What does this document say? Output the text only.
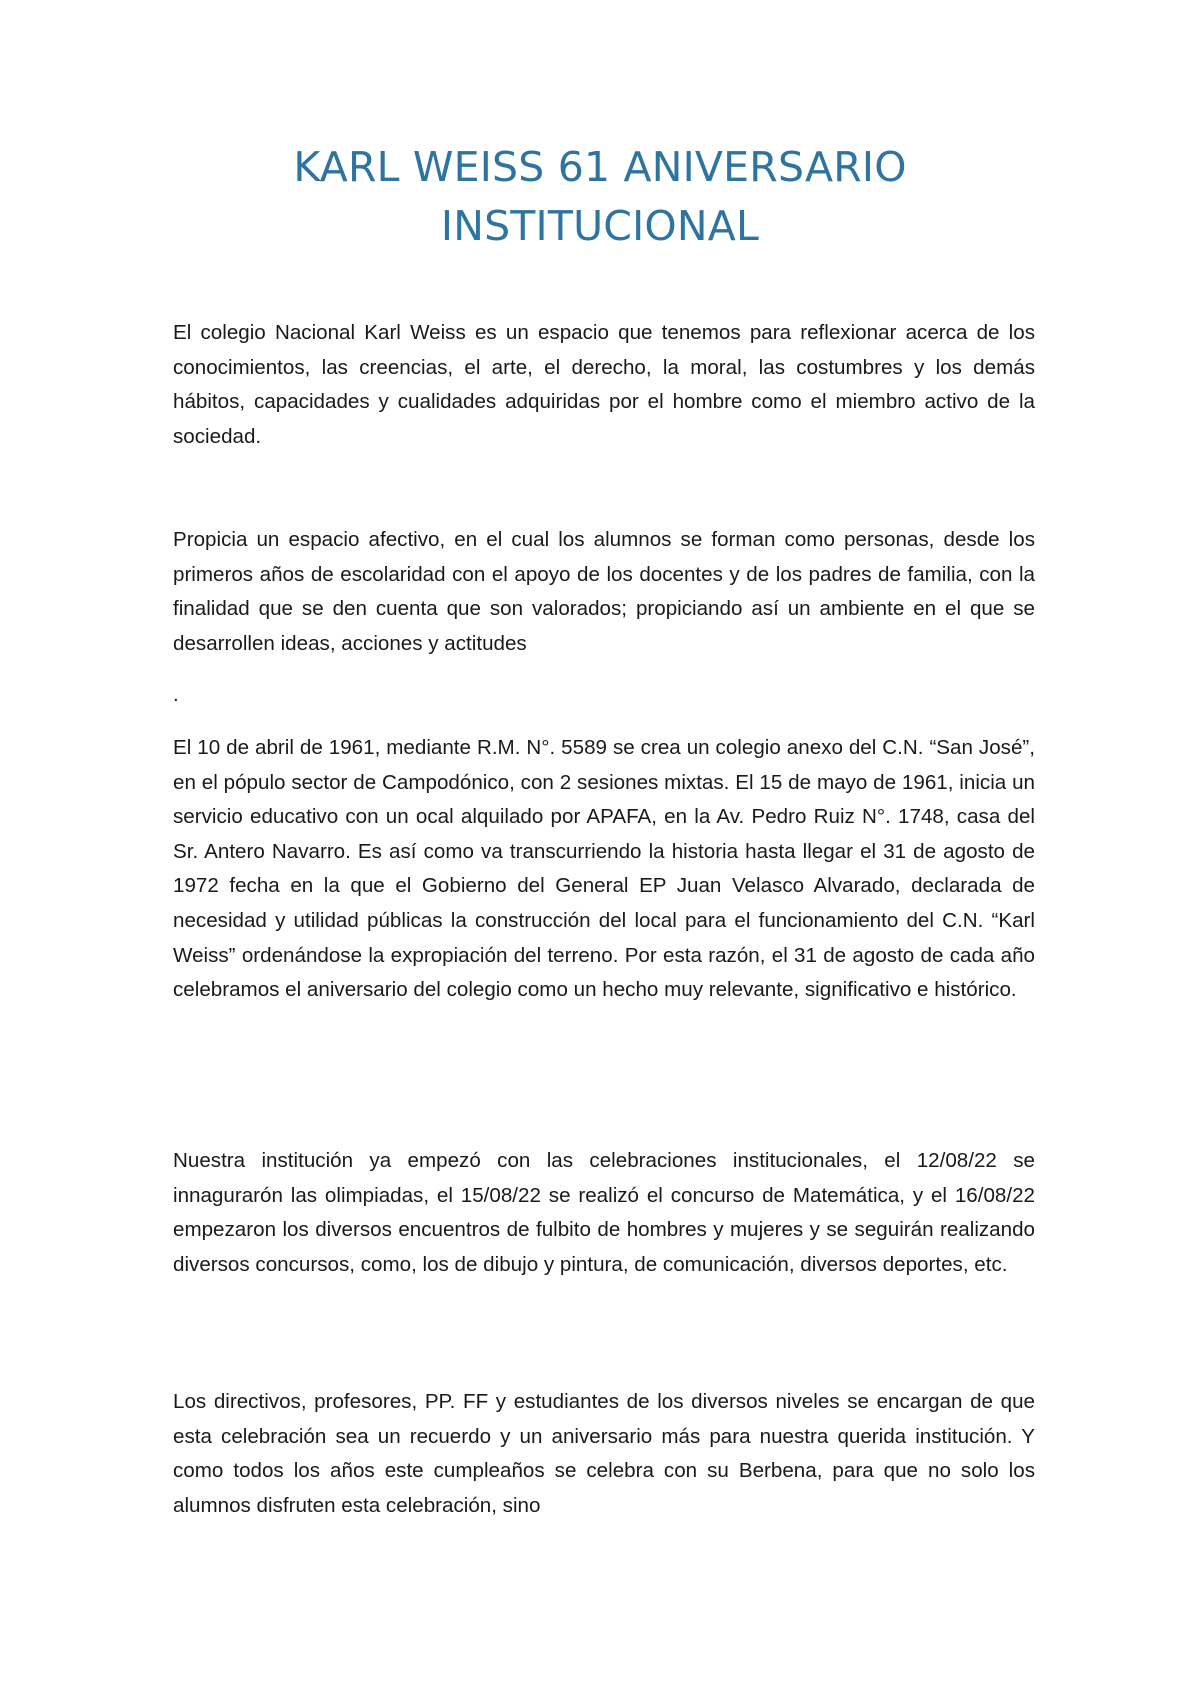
KARL WEISS 61 ANIVERSARIO INSTITUCIONAL

El colegio Nacional Karl Weiss es un espacio que tenemos para reflexionar acerca de los conocimientos, las creencias, el arte, el derecho, la moral, las costumbres y los demás hábitos, capacidades y cualidades adquiridas por el hombre como el miembro activo de la sociedad.

Propicia un espacio afectivo, en el cual los alumnos se forman como personas, desde los primeros años de escolaridad con el apoyo de los docentes y de los padres de familia, con la finalidad que se den cuenta que son valorados; propiciando así un ambiente en el que se desarrollen ideas, acciones y actitudes

.

El 10 de abril de 1961, mediante R.M. N°. 5589 se crea un colegio anexo del C.N. “San José”, en el pópulo sector de Campodónico, con 2 sesiones mixtas. El 15 de mayo de 1961, inicia un servicio educativo con un ocal alquilado por APAFA, en la Av. Pedro Ruiz N°. 1748, casa del Sr. Antero Navarro. Es así como va transcurriendo la historia hasta llegar el 31 de agosto de 1972 fecha en la que el Gobierno del General EP Juan Velasco Alvarado, declarada de necesidad y utilidad públicas la construcción del local para el funcionamiento del C.N. “Karl Weiss” ordenándose la expropiación del terreno. Por esta razón, el 31 de agosto de cada año celebramos el aniversario del colegio como un hecho muy relevante, significativo e histórico.

Nuestra institución ya empezó con las celebraciones institucionales, el 12/08/22 se innagurarón las olimpiadas, el 15/08/22 se realizó el concurso de Matemática, y el 16/08/22 empezaron los diversos encuentros de fulbito de hombres y mujeres y se seguirán realizando diversos concursos, como, los de dibujo y pintura, de comunicación, diversos deportes, etc.

Los directivos, profesores, PP. FF y estudiantes de los diversos niveles se encargan de que esta celebración sea un recuerdo y un aniversario más para nuestra querida institución. Y como todos los años este cumpleaños se celebra con su Berbena, para que no solo los alumnos disfruten esta celebración, sino
